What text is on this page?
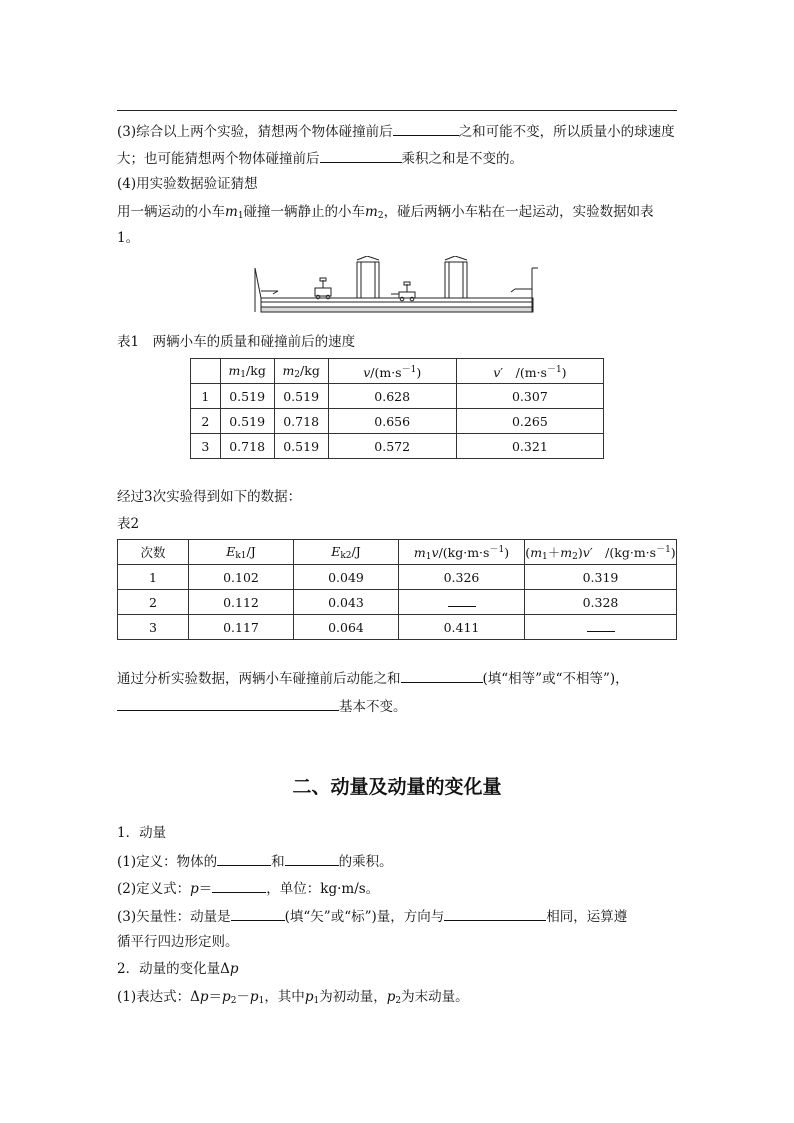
(3)综合以上两个实验，猜想两个物体碰撞前后	之和可能不变，所以质量小的球速度
大；也可能猜想两个物体碰撞前后	乘积之和是不变的。
(4)用实验数据验证猜想
用一辆运动的小车$m_1$碰撞一辆静止的小车$m_2$，碰后两辆小车粘在一起运动，实验数据如表
1。
表1　两辆小车的质量和碰撞前后的速度
	$m_1/kg$	$m_2/kg$	$v/(m\cdot s^{-1})$	v′　$/(m\cdot s^{-1})$
1	0.519	0.519	0.628	0.307
2	0.519	0.718	0.656	0.265
3	0.718	0.519	0.572	0.321
经过3次实验得到如下的数据：
表2
次数	$E_{k1}/J$	$E_{k2}/J$	$m_1v/(kg\cdot m\cdot s^{-1})$	$(m_1+m_2)v'$　$/(kg\cdot m\cdot s^{-1})$
1	0.102	0.049	0.326	0.319
2	0.112	0.043		0.328
3	0.117	0.064	0.411	
通过分析实验数据，两辆小车碰撞前后动能之和	(填“相等”或“不相等”)，
基本不变。
二、动量及动量的变化量
1．动量
(1)定义：物体的	和	的乘积。
(2)定义式：p＝	，单位：kg·m/s。
(3)矢量性：动量是	(填“矢”或“标”)量，方向与	相同，运算遵
循平行四边形定则。
2．动量的变化量Δp
(1)表达式：$\Delta p=p_2-p_1$，其中$p_1$为初动量，$p_2$为末动量。
